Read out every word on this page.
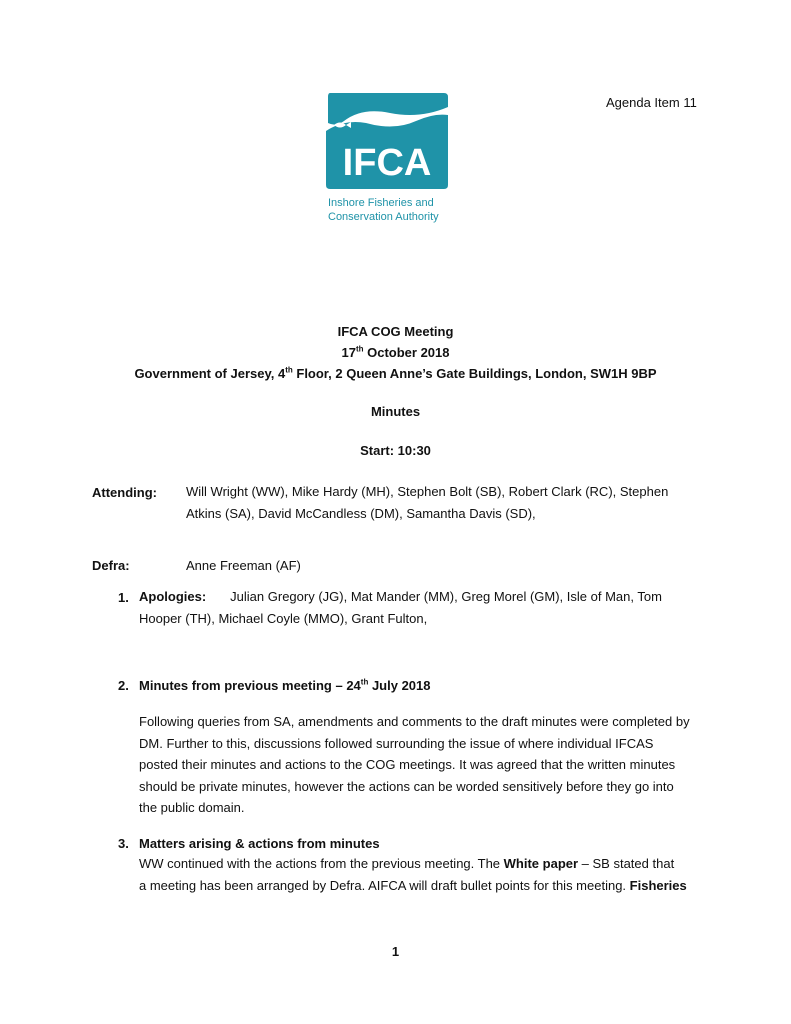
IFCA
Inshore Fisheries and
Conservation Authority
Agenda Item 11
IFCA COG Meeting
17th October 2018
Government of Jersey, 4th Floor, 2 Queen Anne’s Gate Buildings, London, SW1H 9BP
Minutes
Start: 10:30
Attending: Will Wright (WW), Mike Hardy (MH), Stephen Bolt (SB), Robert Clark (RC), Stephen
Atkins (SA), David McCandless (DM), Samantha Davis (SD),
Defra:	Anne Freeman (AF)
1. Apologies: Julian Gregory (JG), Mat Mander (MM), Greg Morel (GM), Isle of Man, Tom
Hooper (TH), Michael Coyle (MMO), Grant Fulton,
2. Minutes from previous meeting – 24th July 2018
Following queries from SA, amendments and comments to the draft minutes were completed by
DM. Further to this, discussions followed surrounding the issue of where individual IFCAS
posted their minutes and actions to the COG meetings. It was agreed that the written minutes
should be private minutes, however the actions can be worded sensitively before they go into
the public domain.
3. Matters arising & actions from minutes
WW continued with the actions from the previous meeting. The White paper – SB stated that
a meeting has been arranged by Defra. AIFCA will draft bullet points for this meeting. Fisheries
1
